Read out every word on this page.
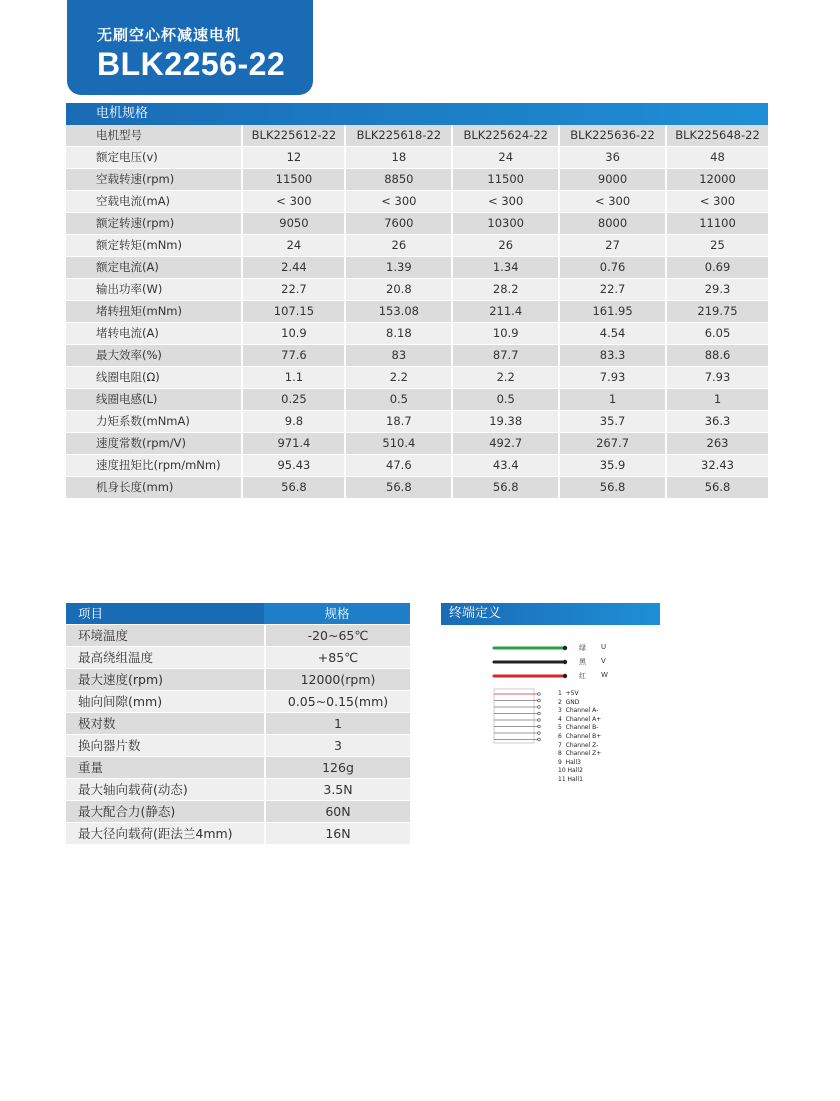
无刷空心杯减速电机
BLK2256-22
电机规格
电机型号	BLK225612-22	BLK225618-22	BLK225624-22	BLK225636-22	BLK225648-22
额定电压(v)	12	18	24	36	48
空载转速(rpm)	11500	8850	11500	9000	12000
空载电流(mA)	< 300	< 300	< 300	< 300	< 300
额定转速(rpm)	9050	7600	10300	8000	11100
额定转矩(mNm)	24	26	26	27	25
额定电流(A)	2.44	1.39	1.34	0.76	0.69
输出功率(W)	22.7	20.8	28.2	22.7	29.3
堵转扭矩(mNm)	107.15	153.08	211.4	161.95	219.75
堵转电流(A)	10.9	8.18	10.9	4.54	6.05
最大效率(%)	77.6	83	87.7	83.3	88.6
线圈电阻(Ω)	1.1	2.2	2.2	7.93	7.93
线圈电感(L)	0.25	0.5	0.5	1	1
力矩系数(mNmA)	9.8	18.7	19.38	35.7	36.3
速度常数(rpm/V)	971.4	510.4	492.7	267.7	263
速度扭矩比(rpm/mNm)	95.43	47.6	43.4	35.9	32.43
机身长度(mm)	56.8	56.8	56.8	56.8	56.8
项目	规格
环境温度	-20~65℃
最高绕组温度	+85℃
最大速度(rpm)	12000(rpm)
轴向间隙(mm)	0.05~0.15(mm)
极对数	1
换向器片数	3
重量	126g
最大轴向载荷(动态)	3.5N
最大配合力(静态)	60N
最大径向载荷(距法兰4mm)	16N
终端定义
绿 U
黑 V
红 W
1  +5V
2  GND
3  Channel A-
4  Channel A+
5  Channel B-
6  Channel B+
7  Channel Z-
8  Channel Z+
9  Hall3
10 Hall2
11 Hall1
